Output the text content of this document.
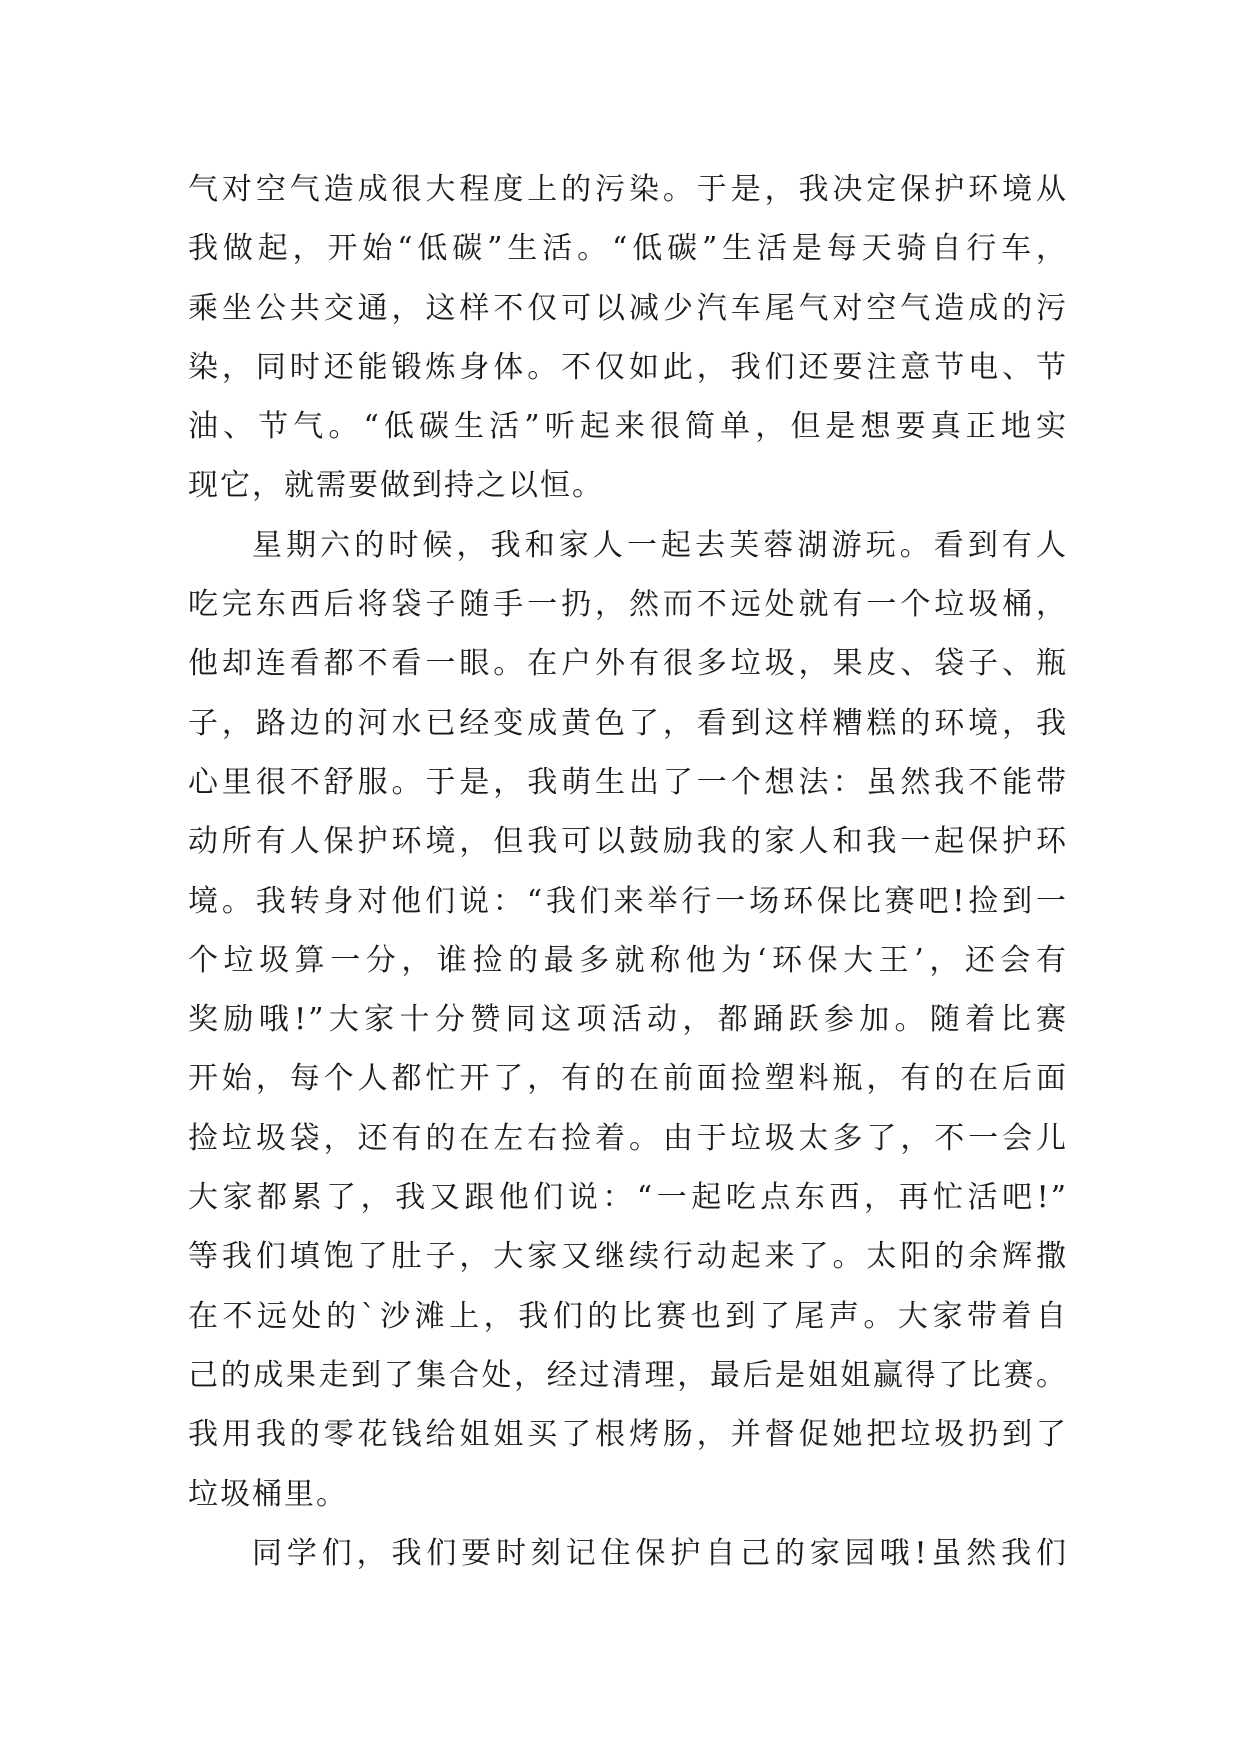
气对空气造成很大程度上的污染。于是，我决定保护环境从
我做起，开始“低碳”生活。“低碳”生活是每天骑自行车，
乘坐公共交通，这样不仅可以减少汽车尾气对空气造成的污
染，同时还能锻炼身体。不仅如此，我们还要注意节电、节
油、节气。“低碳生活”听起来很简单，但是想要真正地实
现它，就需要做到持之以恒。
星期六的时候，我和家人一起去芙蓉湖游玩。看到有人
吃完东西后将袋子随手一扔，然而不远处就有一个垃圾桶，
他却连看都不看一眼。在户外有很多垃圾，果皮、袋子、瓶
子，路边的河水已经变成黄色了，看到这样糟糕的环境，我
心里很不舒服。于是，我萌生出了一个想法：虽然我不能带
动所有人保护环境，但我可以鼓励我的家人和我一起保护环
境。我转身对他们说：“我们来举行一场环保比赛吧!捡到一
个垃圾算一分，谁捡的最多就称他为‘环保大王’，还会有
奖励哦!”大家十分赞同这项活动，都踊跃参加。随着比赛
开始，每个人都忙开了，有的在前面捡塑料瓶，有的在后面
捡垃圾袋，还有的在左右捡着。由于垃圾太多了，不一会儿
大家都累了，我又跟他们说：“一起吃点东西，再忙活吧!”
等我们填饱了肚子，大家又继续行动起来了。太阳的余辉撒
在不远处的`沙滩上，我们的比赛也到了尾声。大家带着自
己的成果走到了集合处，经过清理，最后是姐姐赢得了比赛。
我用我的零花钱给姐姐买了根烤肠，并督促她把垃圾扔到了
垃圾桶里。
同学们，我们要时刻记住保护自己的家园哦!虽然我们
